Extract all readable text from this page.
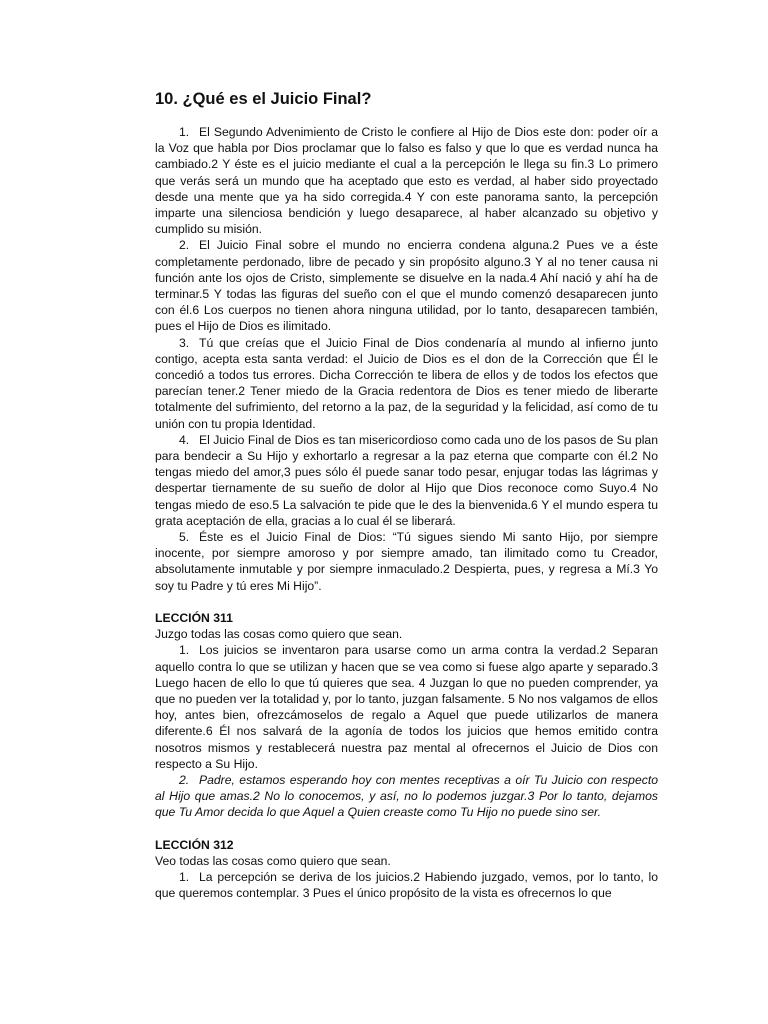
10. ¿Qué es el Juicio Final?

1. El Segundo Advenimiento de Cristo le confiere al Hijo de Dios este don: poder oír a la Voz que habla por Dios proclamar que lo falso es falso y que lo que es verdad nunca ha cambiado.2 Y éste es el juicio mediante el cual a la percepción le llega su fin.3 Lo primero que verás será un mundo que ha aceptado que esto es verdad, al haber sido proyectado desde una mente que ya ha sido corregida.4 Y con este panorama santo, la percepción imparte una silenciosa bendición y luego desaparece, al haber alcanzado su objetivo y cumplido su misión.

2. El Juicio Final sobre el mundo no encierra condena alguna.2 Pues ve a éste completamente perdonado, libre de pecado y sin propósito alguno.3 Y al no tener causa ni función ante los ojos de Cristo, simplemente se disuelve en la nada.4 Ahí nació y ahí ha de terminar.5 Y todas las figuras del sueño con el que el mundo comenzó desaparecen junto con él.6 Los cuerpos no tienen ahora ninguna utilidad, por lo tanto, desaparecen también, pues el Hijo de Dios es ilimitado.

3. Tú que creías que el Juicio Final de Dios condenaría al mundo al infierno junto contigo, acepta esta santa verdad: el Juicio de Dios es el don de la Corrección que Él le concedió a todos tus errores. Dicha Corrección te libera de ellos y de todos los efectos que parecían tener.2 Tener miedo de la Gracia redentora de Dios es tener miedo de liberarte totalmente del sufrimiento, del retorno a la paz, de la seguridad y la felicidad, así como de tu unión con tu propia Identidad.

4. El Juicio Final de Dios es tan misericordioso como cada uno de los pasos de Su plan para bendecir a Su Hijo y exhortarlo a regresar a la paz eterna que comparte con él.2 No tengas miedo del amor,3 pues sólo él puede sanar todo pesar, enjugar todas las lágrimas y despertar tiernamente de su sueño de dolor al Hijo que Dios reconoce como Suyo.4 No tengas miedo de eso.5 La salvación te pide que le des la bienvenida.6 Y el mundo espera tu grata aceptación de ella, gracias a lo cual él se liberará.

5. Éste es el Juicio Final de Dios: “Tú sigues siendo Mi santo Hijo, por siempre inocente, por siempre amoroso y por siempre amado, tan ilimitado como tu Creador, absolutamente inmutable y por siempre inmaculado.2 Despierta, pues, y regresa a Mí.3 Yo soy tu Padre y tú eres Mi Hijo”.

LECCIÓN 311
Juzgo todas las cosas como quiero que sean.

1. Los juicios se inventaron para usarse como un arma contra la verdad.2 Separan aquello contra lo que se utilizan y hacen que se vea como si fuese algo aparte y separado.3 Luego hacen de ello lo que tú quieres que sea. 4 Juzgan lo que no pueden comprender, ya que no pueden ver la totalidad y, por lo tanto, juzgan falsamente. 5 No nos valgamos de ellos hoy, antes bien, ofrezcámoselos de regalo a Aquel que puede utilizarlos de manera diferente.6 Él nos salvará de la agonía de todos los juicios que hemos emitido contra nosotros mismos y restablecerá nuestra paz mental al ofrecernos el Juicio de Dios con respecto a Su Hijo.

2. Padre, estamos esperando hoy con mentes receptivas a oír Tu Juicio con respecto al Hijo que amas.2 No lo conocemos, y así, no lo podemos juzgar.3 Por lo tanto, dejamos que Tu Amor decida lo que Aquel a Quien creaste como Tu Hijo no puede sino ser.

LECCIÓN 312
Veo todas las cosas como quiero que sean.

1. La percepción se deriva de los juicios.2 Habiendo juzgado, vemos, por lo tanto, lo que queremos contemplar. 3 Pues el único propósito de la vista es ofrecernos lo que
